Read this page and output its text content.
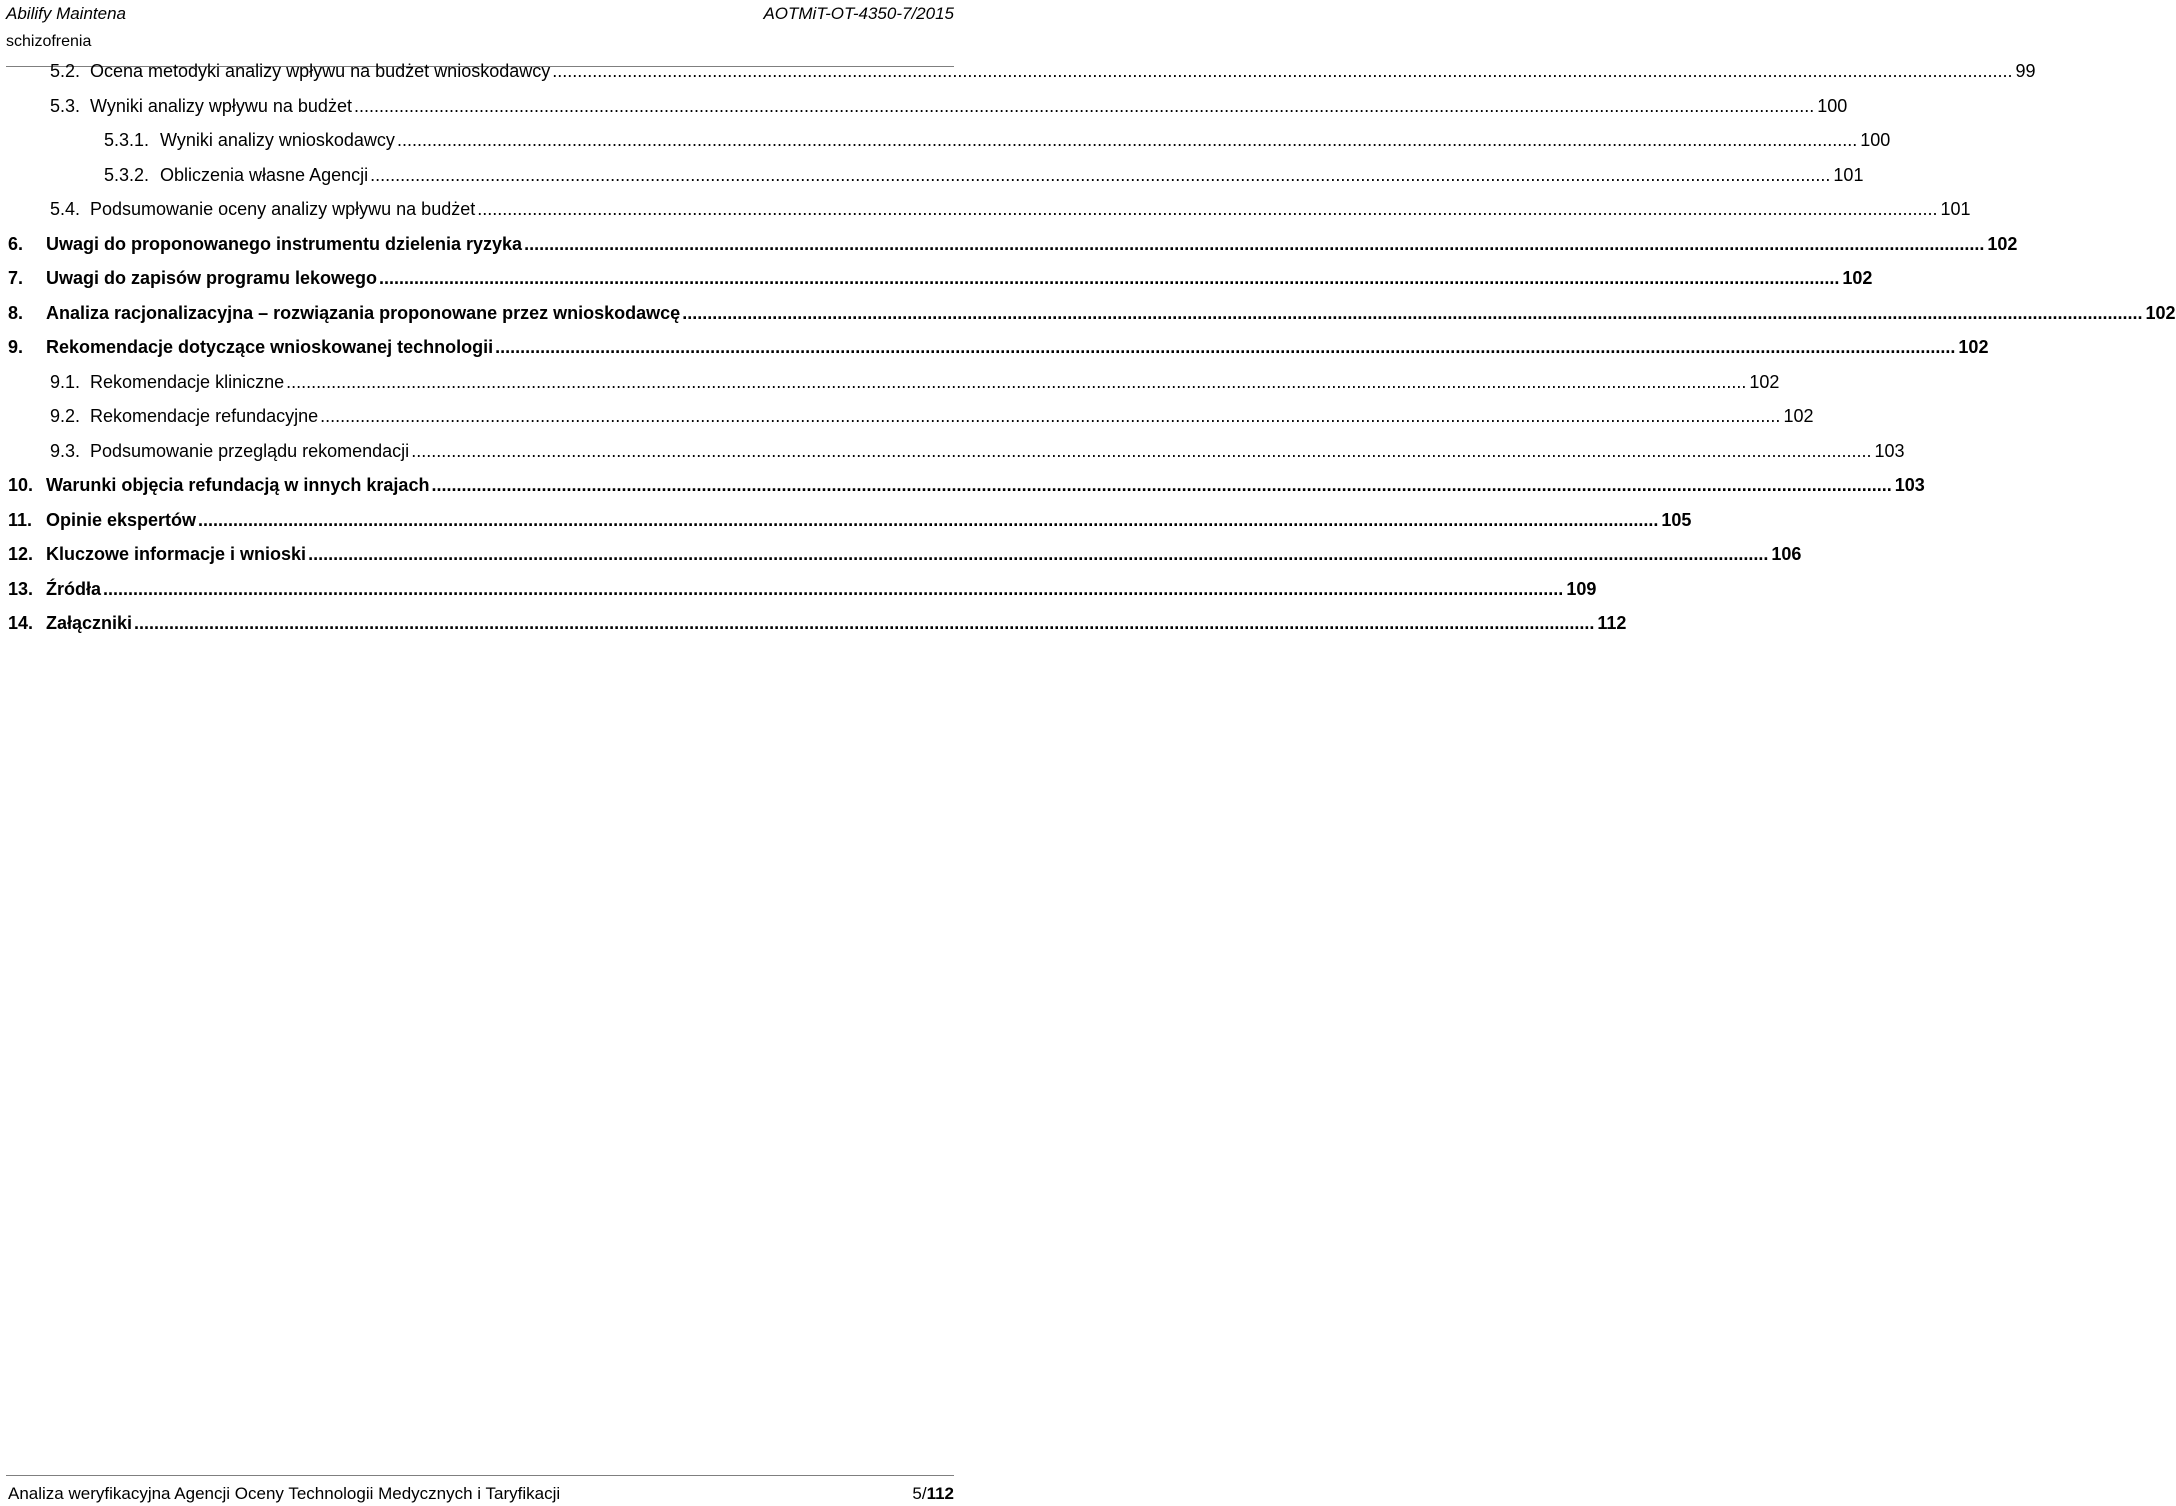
Abilify Maintena
schizofrenia
AOTMiT-OT-4350-7/2015
5.2. Ocena metodyki analizy wpływu na budżet wnioskodawcy .....	99
5.3. Wyniki analizy wpływu na budżet .....	100
5.3.1. Wyniki analizy wnioskodawcy .....	100
5.3.2. Obliczenia własne Agencji .....	101
5.4. Podsumowanie oceny analizy wpływu na budżet .....	101
6.	Uwagi do proponowanego instrumentu dzielenia ryzyka .....	102
7.	Uwagi do zapisów programu lekowego .....	102
8.	Analiza racjonalizacyjna – rozwiązania proponowane przez wnioskodawcę .....	102
9.	Rekomendacje dotyczące wnioskowanej technologii .....	102
9.1. Rekomendacje kliniczne .....	102
9.2. Rekomendacje refundacyjne .....	102
9.3. Podsumowanie przeglądu rekomendacji .....	103
10. Warunki objęcia refundacją w innych krajach .....	103
11. Opinie ekspertów .....	105
12. Kluczowe informacje i wnioski .....	106
13. Źródła .....	109
14. Załączniki .....	112
Analiza weryfikacyjna Agencji Oceny Technologii Medycznych i Taryfikacji	5/112
